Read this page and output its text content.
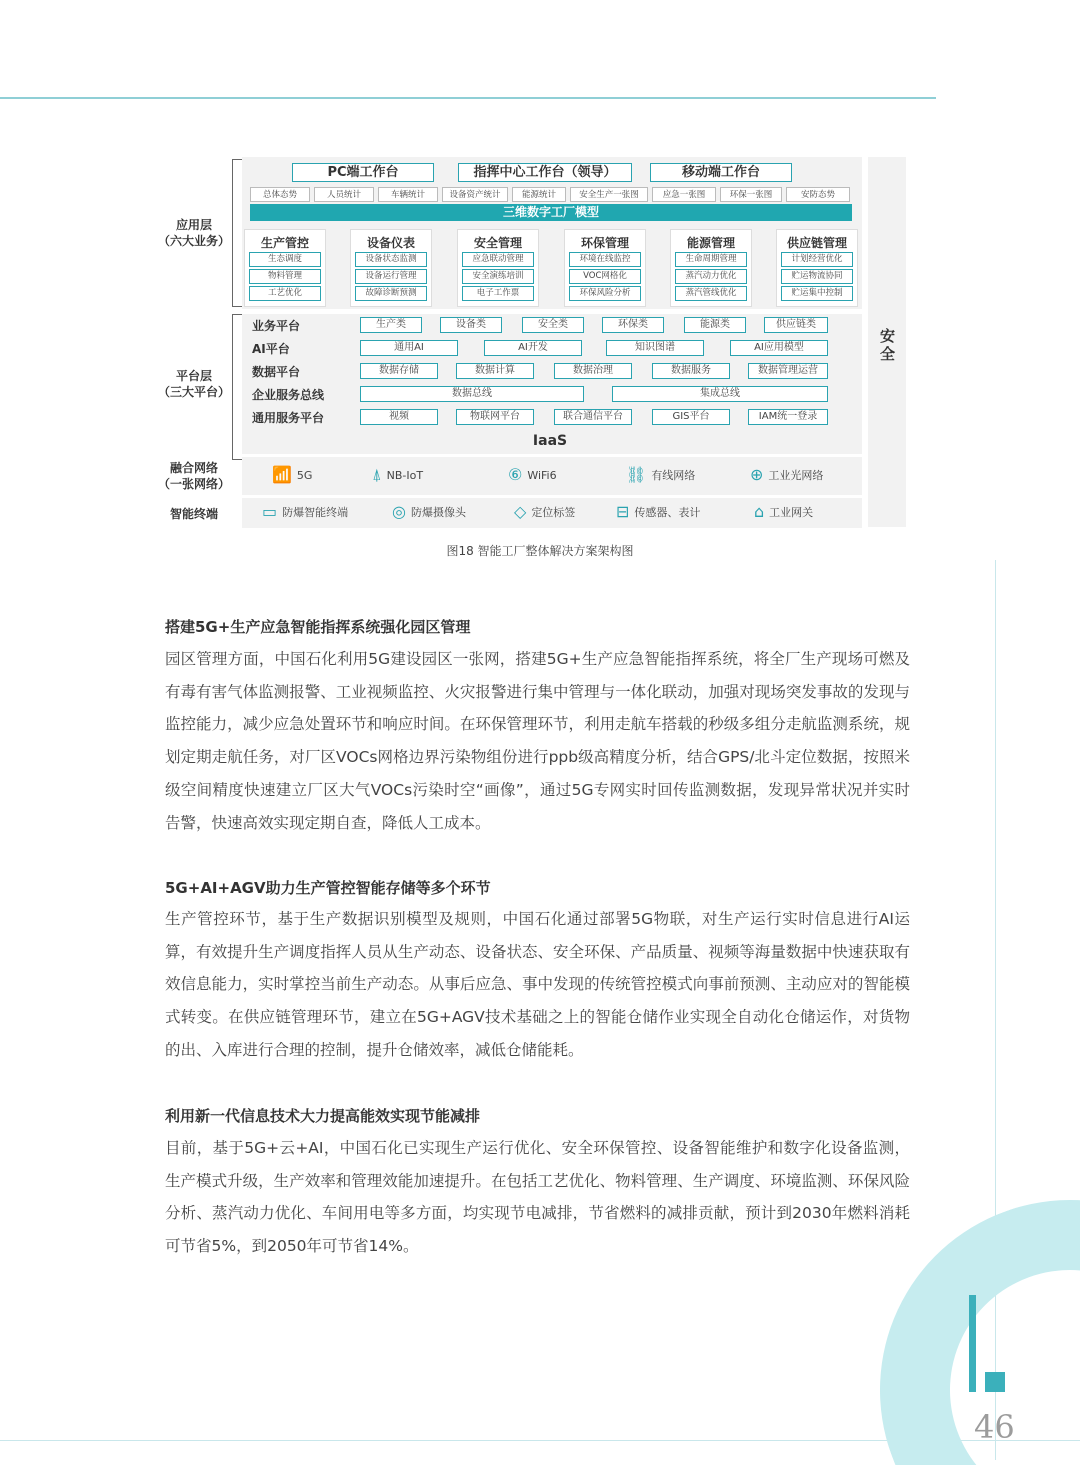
46
应用层
（六大业务）
平台层
（三大平台）
融合网络
（一张网络）
智能终端
PC端工作台	指挥中心工作台（领导）	移动端工作台
总体态势	人员统计	车辆统计	设备资产统计	能源统计	安全生产一张图	应急一张图	环保一张图	安防态势
三维数字工厂模型
生产管控
生态调度
物料管理
工艺优化
设备仪表
设备状态监测
设备运行管理
故障诊断预测
安全管理
应急联动管理
安全演练培训
电子工作票
环保管理
环境在线监控
VOC网格化
环保风险分析
能源管理
生命周期管理
蒸汽动力优化
蒸汽管线优化
供应链管理
计划经营优化
贮运物流协同
贮运集中控制
业务平台	生产类	设备类	安全类	环保类	能源类	供应链类
AI平台	通用AI	AI开发	知识图谱	AI应用模型
数据平台	数据存储	数据计算	数据治理	数据服务	数据管理运营
企业服务总线	数据总线	集成总线
通用服务平台	视频	物联网平台	联合通信平台	GIS平台	IAM统一登录
IaaS
📶 5G	⍋ NB-IoT	⑥ WiFi6	⛓ 有线网络	⊕ 工业光网络
▭ 防爆智能终端	◎ 防爆摄像头	◇ 定位标签	⊟ 传感器、表计	⌂ 工业网关
安全
图18 智能工厂整体解决方案架构图
搭建5G+生产应急智能指挥系统强化园区管理
园区管理方面，中国石化利用5G建设园区一张网，搭建5G+生产应急智能指挥系统，将全厂生产现场可燃及有毒有害气体监测报警、工业视频监控、火灾报警进行集中管理与一体化联动，加强对现场突发事故的发现与监控能力，减少应急处置环节和响应时间。在环保管理环节，利用走航车搭载的秒级多组分走航监测系统，规划定期走航任务，对厂区VOCs网格边界污染物组份进行ppb级高精度分析，结合GPS/北斗定位数据，按照米级空间精度快速建立厂区大气VOCs污染时空“画像”，通过5G专网实时回传监测数据，发现异常状况并实时告警，快速高效实现定期自查，降低人工成本。
5G+AI+AGV助力生产管控智能存储等多个环节
生产管控环节，基于生产数据识别模型及规则，中国石化通过部署5G物联，对生产运行实时信息进行AI运算，有效提升生产调度指挥人员从生产动态、设备状态、安全环保、产品质量、视频等海量数据中快速获取有效信息能力，实时掌控当前生产动态。从事后应急、事中发现的传统管控模式向事前预测、主动应对的智能模式转变。在供应链管理环节，建立在5G+AGV技术基础之上的智能仓储作业实现全自动化仓储运作，对货物的出、入库进行合理的控制，提升仓储效率，减低仓储能耗。
利用新一代信息技术大力提高能效实现节能减排
目前，基于5G+云+AI，中国石化已实现生产运行优化、安全环保管控、设备智能维护和数字化设备监测，生产模式升级，生产效率和管理效能加速提升。在包括工艺优化、物料管理、生产调度、环境监测、环保风险分析、蒸汽动力优化、车间用电等多方面，均实现节电减排，节省燃料的减排贡献，预计到2030年燃料消耗可节省5%，到2050年可节省14%。
